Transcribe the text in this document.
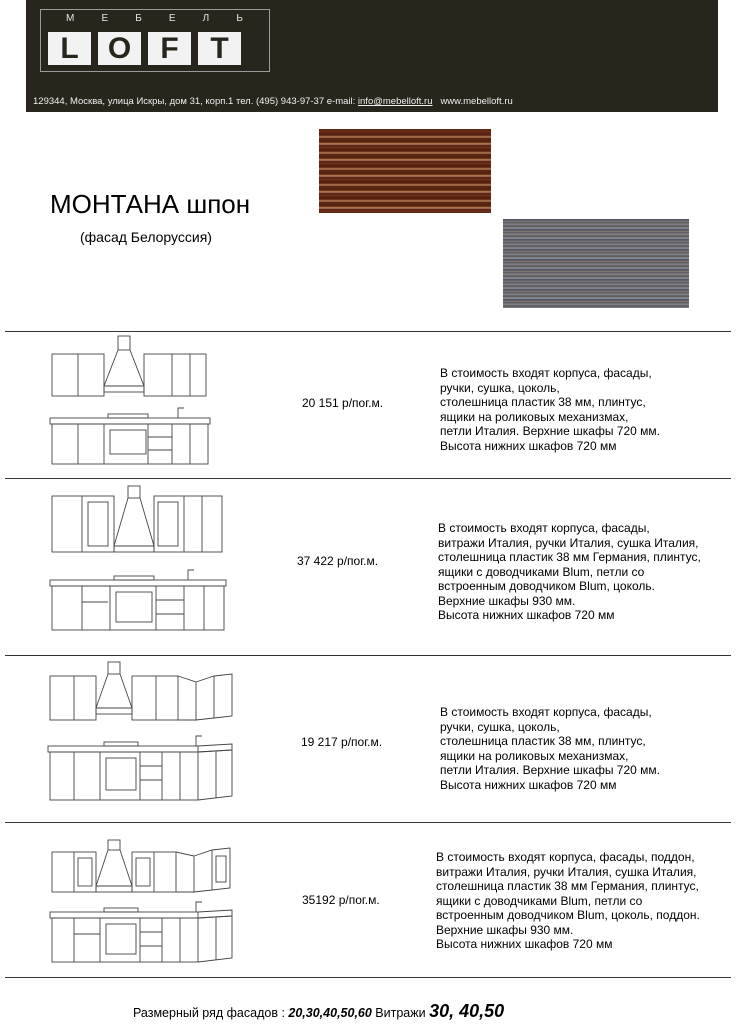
М	Е	Б	Е	Л	Ь
L O F	T
129344, Москва, улица Искры, дом 31, корп.1 тел. (495) 943-97-37 e-mail: info@mebelloft.ru www.mebelloft.ru
МОНТАНА шпон
(фасад Белоруссия)
20 151 р/пог.м.
В стоимость входят корпуса, фасады,
ручки, сушка, цоколь,
столешница пластик 38 мм, плинтус,
ящики на роликовых механизмах,
петли Италия. Верхние шкафы 720 мм.
Высота нижних шкафов 720 мм
37 422 р/пог.м.
В стоимость входят корпуса, фасады,
витражи Италия, ручки Италия, сушка Италия,
столешница пластик 38 мм Германия, плинтус,
ящики с доводчиками Blum, петли со
встроенным доводчиком Blum, цоколь.
Верхние шкафы 930 мм.
Высота нижних шкафов 720 мм
19 217 р/пог.м.
В стоимость входят корпуса, фасады,
ручки, сушка, цоколь,
столешница пластик 38 мм, плинтус,
ящики на роликовых механизмах,
петли Италия. Верхние шкафы 720 мм.
Высота нижних шкафов 720 мм
35192 р/пог.м.
В стоимость входят корпуса, фасады, поддон,
витражи Италия, ручки Италия, сушка Италия,
столешница пластик 38 мм Германия, плинтус,
ящики с доводчиками Blum, петли со
встроенным доводчиком Blum, цоколь, поддон.
Верхние шкафы 930 мм.
Высота нижних шкафов 720 мм
Размерный ряд фасадов : 20,30,40,50,60 Витражи 30, 40,50
